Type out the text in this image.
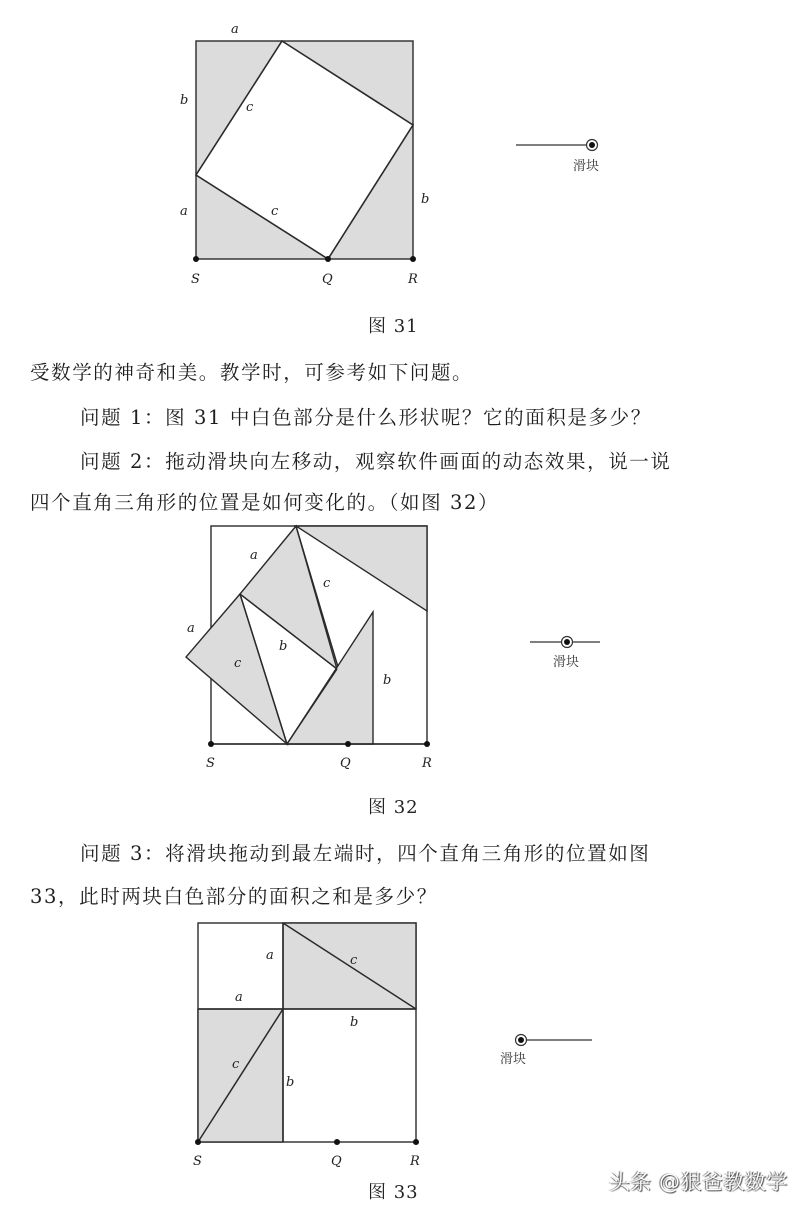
a
b	c
a	c
b
S	Q	R
滑块
a
c
a
b
c
b
S	Q	R
滑块
a	c
a
b
c
b
S	Q	R
滑块
图 31
图 32
图 33
受数学的神奇和美。教学时，可参考如下问题。
问题 1：图 31 中白色部分是什么形状呢？它的面积是多少？
问题 2：拖动滑块向左移动，观察软件画面的动态效果，说一说
四个直角三角形的位置是如何变化的。（如图 32）
问题 3：将滑块拖动到最左端时，四个直角三角形的位置如图
33，此时两块白色部分的面积之和是多少？
头条 @狠爸教数学
